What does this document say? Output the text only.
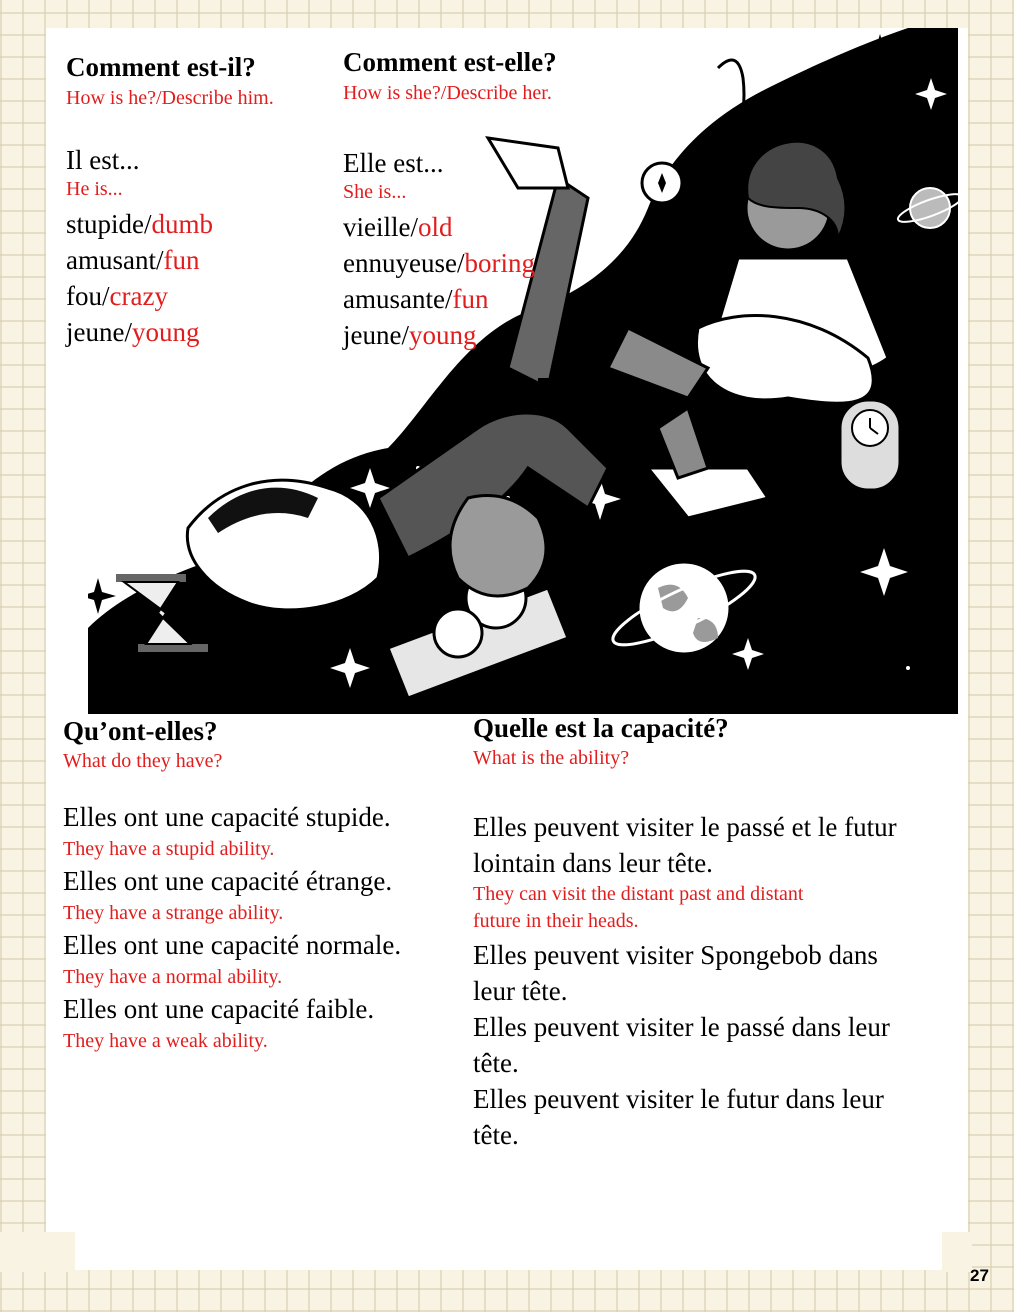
Comment est-il?
How is he?/Describe him.
Il est...
He is...
stupide/dumb
amusant/fun
fou/crazy
jeune/young
Comment est-elle?
How is she?/Describe her.
Elle est...
She is...
vieille/old
ennuyeuse/boring
amusante/fun
jeune/young
Qu’ont-elles?
What do they have?
Elles ont une capacité stupide.
They have a stupid ability.
Elles ont une capacité étrange.
They have a strange ability.
Elles ont une capacité normale.
They have a normal ability.
Elles ont une capacité faible.
They have a weak ability.
Quelle est la capacité?
What is the ability?
Elles peuvent visiter le passé et le futur
lointain dans leur tête.
They can visit the distant past and distant
future in their heads.
Elles peuvent visiter Spongebob dans
leur tête.
Elles peuvent visiter le passé dans leur
tête.
Elles peuvent visiter le futur dans leur
tête.
27
